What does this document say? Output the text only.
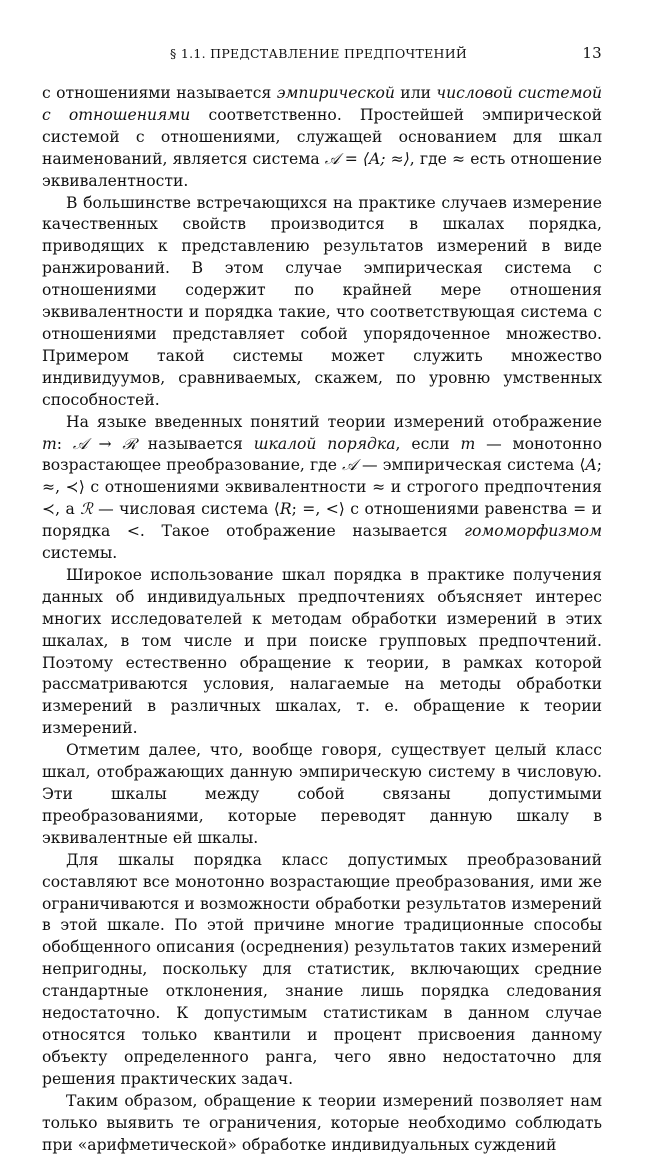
§ 1.1. ПРЕДСТАВЛЕНИЕ ПРЕДПОЧТЕНИЙ	13

с отношениями называется эмпирической или числовой системой с отношениями соответственно. Простейшей эмпирической системой с отношениями, служащей основанием для шкал наименований, является система 𝒜 = ⟨A; ≈⟩, где ≈ есть отношение эквивалентности.

В большинстве встречающихся на практике случаев измерение качественных свойств производится в шкалах порядка, приводящих к представлению результатов измерений в виде ранжирований. В этом случае эмпирическая система с отношениями содержит по крайней мере отношения эквивалентности и порядка такие, что соответствующая система с отношениями представляет собой упорядоченное множество. Примером такой системы может служить множество индивидуумов, сравниваемых, скажем, по уровню умственных способностей.

На языке введенных понятий теории измерений отображение m: 𝒜 → ℛ называется шкалой порядка, если m — монотонно возрастающее преобразование, где 𝒜 — эмпирическая система ⟨A; ≈, ≺⟩ с отношениями эквивалентности ≈ и строгого предпочтения ≺, а ℛ — числовая система ⟨R; =, <⟩ с отношениями равенства = и порядка <. Такое отображение называется гомоморфизмом системы.

Широкое использование шкал порядка в практике получения данных об индивидуальных предпочтениях объясняет интерес многих исследователей к методам обработки измерений в этих шкалах, в том числе и при поиске групповых предпочтений. Поэтому естественно обращение к теории, в рамках которой рассматриваются условия, налагаемые на методы обработки измерений в различных шкалах, т. е. обращение к теории измерений.

Отметим далее, что, вообще говоря, существует целый класс шкал, отображающих данную эмпирическую систему в числовую. Эти шкалы между собой связаны допустимыми преобразованиями, которые переводят данную шкалу в эквивалентные ей шкалы.

Для шкалы порядка класс допустимых преобразований составляют все монотонно возрастающие преобразования, ими же ограничиваются и возможности обработки результатов измерений в этой шкале. По этой причине многие традиционные способы обобщенного описания (осреднения) результатов таких измерений непригодны, поскольку для статистик, включающих средние стандартные отклонения, знание лишь порядка следования недостаточно. К допустимым статистикам в данном случае относятся только квантили и процент присвоения данному объекту определенного ранга, чего явно недостаточно для решения практических задач.

Таким образом, обращение к теории измерений позволяет нам только выявить те ограничения, которые необходимо соблюдать при «арифметической» обработке индивидуальных суждений
